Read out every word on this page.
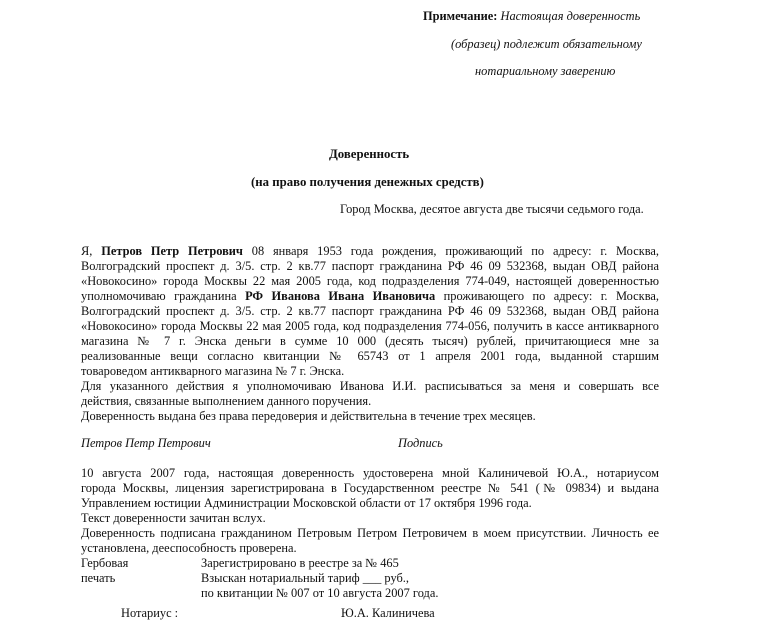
Примечание: Настоящая доверенность
(образец) подлежит обязательному
нотариальному заверению
Доверенность
(на право получения денежных средств)
Город Москва, десятое августа две тысячи седьмого года.
Я, Петров Петр Петрович 08 января 1953 года рождения, проживающий по адресу: г. Москва,
Волгоградский проспект д. 3/5. стр. 2 кв.77 паспорт гражданина РФ 46 09 532368, выдан ОВД района
«Новокосино» города Москвы 22 мая 2005 года, код подразделения 774-049, настоящей доверенностью
уполномочиваю гражданина РФ Иванова Ивана Ивановича проживающего по адресу: г. Москва,
Волгоградский проспект д. 3/5. стр. 2 кв.77 паспорт гражданина РФ 46 09 532368, выдан ОВД района
«Новокосино» города Москвы 22 мая 2005 года, код подразделения 774-056, получить в кассе антикварного
магазина № 7 г. Энска деньги в сумме 10 000 (десять тысяч) рублей, причитающиеся мне за
реализованные вещи согласно квитанции № 65743 от 1 апреля 2001 года, выданной старшим
товароведом антикварного магазина № 7 г. Энска.
Для указанного действия я уполномочиваю Иванова И.И. расписываться за меня и совершать все
действия, связанные выполнением данного поручения.
Доверенность выдана без права передоверия и действительна в течение трех месяцев.
Петров Петр Петрович	Подпись
10 августа 2007 года, настоящая доверенность удостоверена мной Калиничевой Ю.А., нотариусом
города Москвы, лицензия зарегистрирована в Государственном реестре № 541 (№ 09834) и выдана
Управлением юстиции Администрации Московской области от 17 октября 1996 года.
Текст доверенности зачитан вслух.
Доверенность подписана гражданином Петровым Петром Петровичем в моем присутствии. Личность ее
установлена, дееспособность проверена.
Гербовая	Зарегистрировано в реестре за № 465
печать	Взыскан нотариальный тариф ___ руб.,
по квитанции № 007 от 10 августа 2007 года.
Нотариус :	Ю.А. Калиничева
